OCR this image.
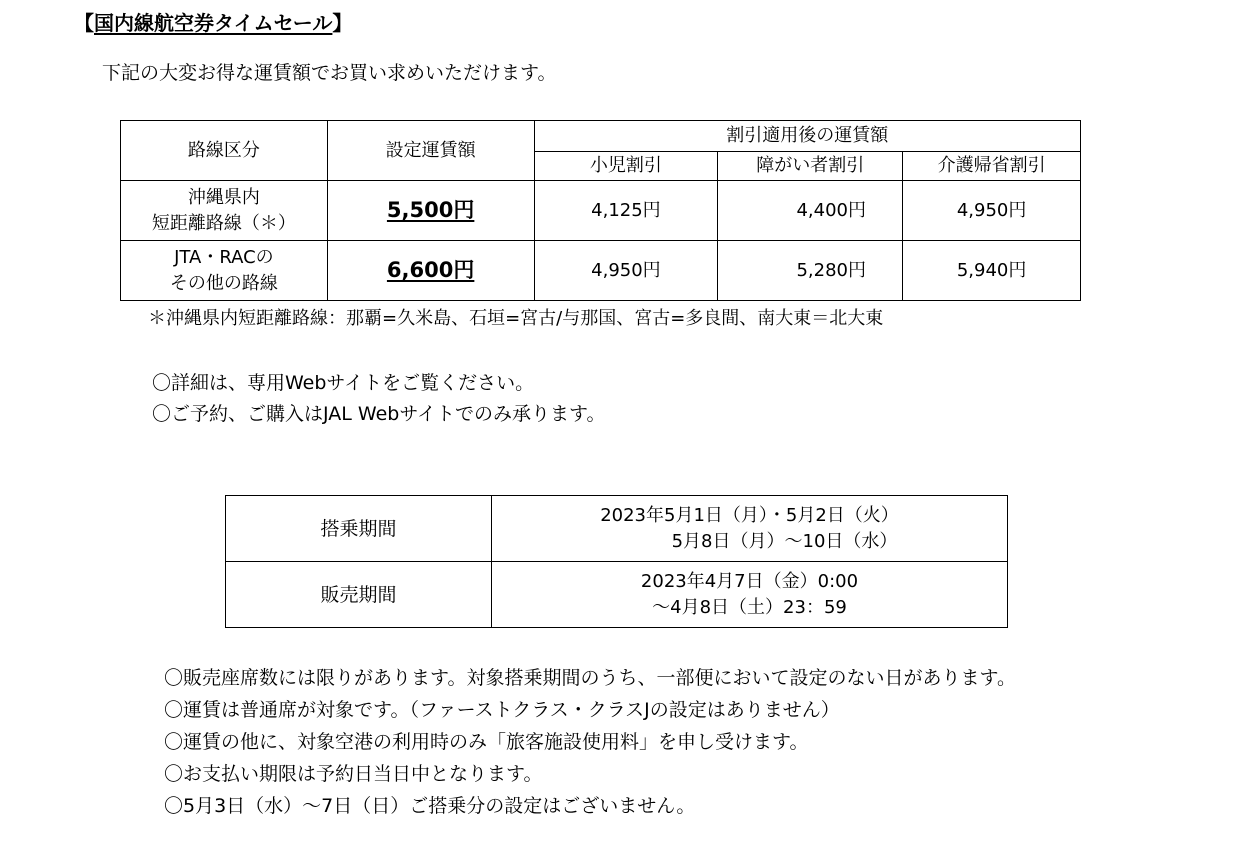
【国内線航空券タイムセール】
下記の大変お得な運賃額でお買い求めいただけます。
路線区分	設定運賃額	割引適用後の運賃額		
		小児割引	障がい者割引	介護帰省割引

沖縄県内
短距離路線（＊）	5,500円	4,125円	4,400円	4,950円

JTA・RACの
その他の路線	6,600円	4,950円	5,280円	5,940円
＊沖縄県内短距離路線：那覇=久米島、石垣=宮古/与那国、宮古=多良間、南大東＝北大東
〇詳細は、専用Webサイトをご覧ください。
〇ご予約、ご購入はJAL Webサイトでのみ承ります。
搭乗期間	2023年5月1日（月）・5月2日（火）
5月8日（月）～10日（水）

販売期間	2023年4月7日（金）0:00
～4月8日（土）23：59
〇販売座席数には限りがあります。対象搭乗期間のうち、一部便において設定のない日があります。
〇運賃は普通席が対象です。（ファーストクラス・クラスJの設定はありません）
〇運賃の他に、対象空港の利用時のみ「旅客施設使用料」を申し受けます。
〇お支払い期限は予約日当日中となります。
〇5月3日（水）～7日（日）ご搭乗分の設定はございません。
